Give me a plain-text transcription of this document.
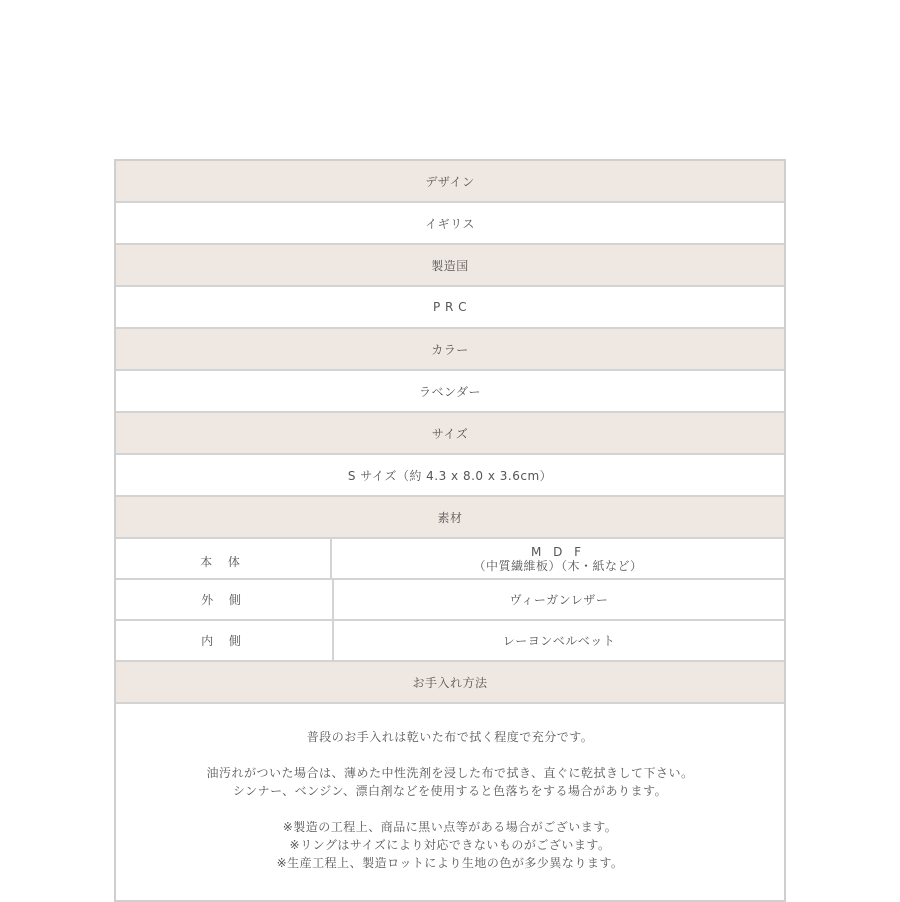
デザイン
イギリス
製造国
P R C
カラー
ラベンダー
サイズ
S サイズ（約 4.3 x 8.0 x 3.6cm）
素材
本 体
M D F
（中質繊維板）（木・紙など）
外 側	ヴィーガンレザー
内 側	レーヨンベルベット
お手入れ方法

普段のお手入れは乾いた布で拭く程度で充分です。

油汚れがついた場合は、薄めた中性洗剤を浸した布で拭き、直ぐに乾拭きして下さい。
シンナー、ベンジン、漂白剤などを使用すると色落ちをする場合があります。

※製造の工程上、商品に黒い点等がある場合がございます。
※リングはサイズにより対応できないものがございます。
※生産工程上、製造ロットにより生地の色が多少異なります。
